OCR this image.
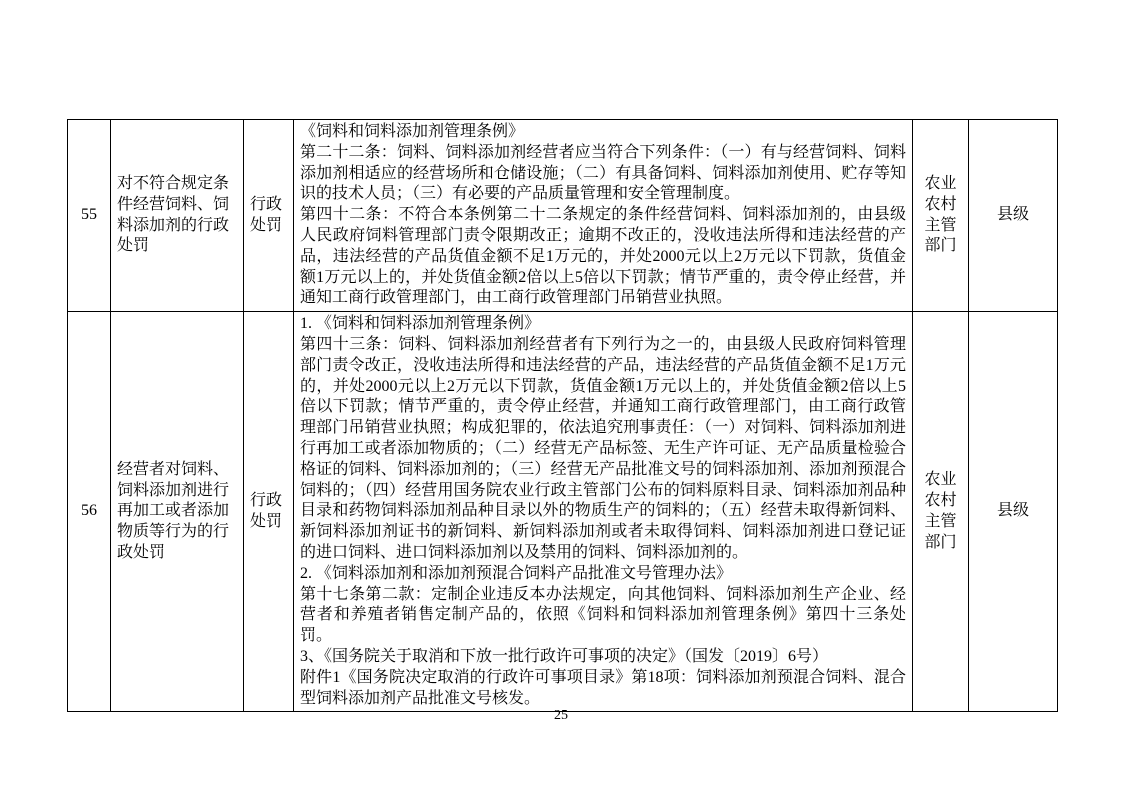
55	对不符合规定条件经营饲料、饲料添加剂的行政处罚	行政处罚	《饲料和饲料添加剂管理条例》

第二十二条：饲料、饲料添加剂经营者应当符合下列条件：（一）有与经营饲料、饲料添加剂相适应的经营场所和仓储设施；（二）有具备饲料、饲料添加剂使用、贮存等知识的技术人员；（三）有必要的产品质量管理和安全管理制度。

第四十二条：不符合本条例第二十二条规定的条件经营饲料、饲料添加剂的，由县级人民政府饲料管理部门责令限期改正；逾期不改正的，没收违法所得和违法经营的产品，违法经营的产品货值金额不足1万元的，并处2000元以上2万元以下罚款，货值金额1万元以上的，并处货值金额2倍以上5倍以下罚款；情节严重的，责令停止经营，并通知工商行政管理部门，由工商行政管理部门吊销营业执照。	农业农村主管部门	县级
56	经营者对饲料、饲料添加剂进行再加工或者添加物质等行为的行政处罚	行政处罚	

1. 《饲料和饲料添加剂管理条例》

第四十三条：饲料、饲料添加剂经营者有下列行为之一的，由县级人民政府饲料管理部门责令改正，没收违法所得和违法经营的产品，违法经营的产品货值金额不足1万元的，并处2000元以上2万元以下罚款，货值金额1万元以上的，并处货值金额2倍以上5倍以下罚款；情节严重的，责令停止经营，并通知工商行政管理部门，由工商行政管理部门吊销营业执照；构成犯罪的，依法追究刑事责任：（一）对饲料、饲料添加剂进行再加工或者添加物质的；（二）经营无产品标签、无生产许可证、无产品质量检验合格证的饲料、饲料添加剂的；（三）经营无产品批准文号的饲料添加剂、添加剂预混合饲料的；（四）经营用国务院农业行政主管部门公布的饲料原料目录、饲料添加剂品种目录和药物饲料添加剂品种目录以外的物质生产的饲料的；（五）经营未取得新饲料、新饲料添加剂证书的新饲料、新饲料添加剂或者未取得饲料、饲料添加剂进口登记证的进口饲料、进口饲料添加剂以及禁用的饲料、饲料添加剂的。

2. 《饲料添加剂和添加剂预混合饲料产品批准文号管理办法》

第十七条第二款：定制企业违反本办法规定，向其他饲料、饲料添加剂生产企业、经营者和养殖者销售定制产品的，依照《饲料和饲料添加剂管理条例》第四十三条处罚。

3、《国务院关于取消和下放一批行政许可事项的决定》（国发〔2019〕6号）

附件1《国务院决定取消的行政许可事项目录》第18项：饲料添加剂预混合饲料、混合型饲料添加剂产品批准文号核发。

	农业农村主管部门	县级
25
